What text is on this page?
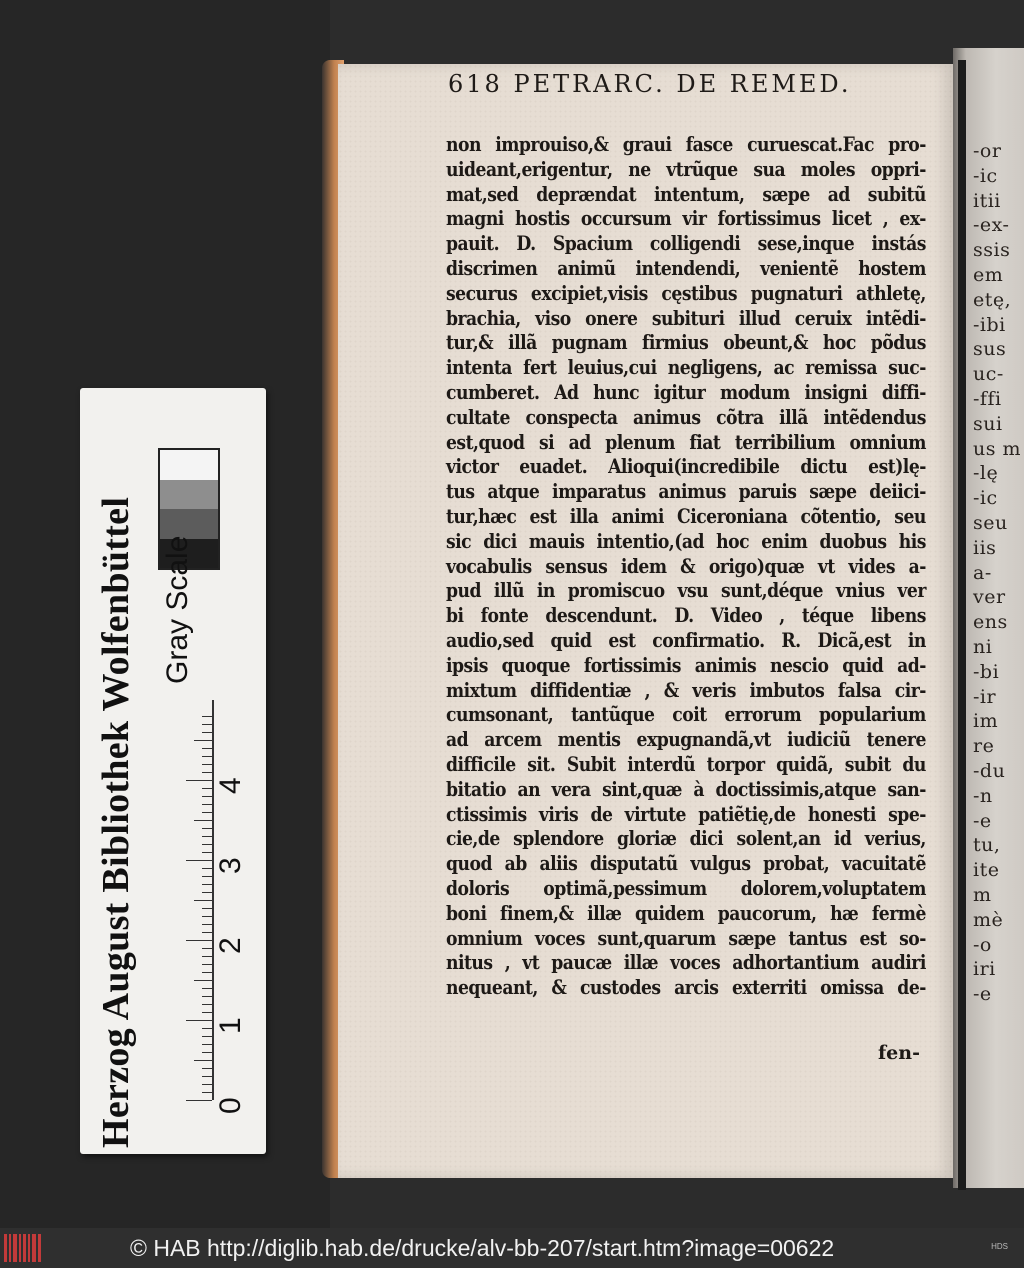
618 PETRARC. DE REMED.
non improuiso,& graui fasce curuescat.Fac pro-
uideant,erigentur, ne vtrũque sua moles oppri-
mat,sed deprændat intentum, sæpe ad subitũ
magni hostis occursum vir fortissimus licet , ex-
pauit. D. Spacium colligendi sese,inque instás
discrimen animũ intendendi, venientẽ hostem
securus excipiet,visis cęstibus pugnaturi athletę,
brachia, viso onere subituri illud ceruix intẽdi-
tur,& illã pugnam firmius obeunt,& hoc põdus
intenta fert leuius,cui negligens, ac remissa suc-
cumberet. Ad hunc igitur modum insigni diffi-
cultate conspecta animus cõtra illã intẽdendus
est,quod si ad plenum fiat terribilium omnium
victor euadet. Alioqui(incredibile dictu est)lę-
tus atque imparatus animus paruis sæpe deiici-
tur,hæc est illa animi Ciceroniana cõtentio, seu
sic dici mauis intentio,(ad hoc enim duobus his
vocabulis sensus idem & origo)quæ vt vides a-
pud illũ in promiscuo vsu sunt,déque vnius ver
bi fonte descendunt. D. Video , téque libens
audio,sed quid est confirmatio. R. Dicã,est in
ipsis quoque fortissimis animis nescio quid ad-
mixtum diffidentiæ , & veris imbutos falsa cir-
cumsonant, tantũque coit errorum popularium
ad arcem mentis expugnandã,vt iudiciũ tenere
difficile sit. Subit interdũ torpor quidã, subit du
bitatio an vera sint,quæ à doctissimis,atque san-
ctissimis viris de virtute patiẽtię,de honesti spe-
cie,de splendore gloriæ dici solent,an id verius,
quod ab aliis disputatũ vulgus probat, vacuitatẽ
doloris optimã,pessimum dolorem,voluptatem
boni finem,& illæ quidem paucorum, hæ fermè
omnium voces sunt,quarum sæpe tantus est so-
nitus , vt paucæ illæ voces adhortantium audiri
nequeant, & custodes arcis exterriti omissa de-
fen-
-or
-ic
itii
-ex-
ssis
em
etę,
-ibi
sus
uc-
-ffi
sui
us m
-lę
-ic
seu
iis
a-
ver
ens
ni
-bi
-ir
im
re
-du
-n
-e
tu,
ite
m
mè
-o
iri
-e
Herzog August Bibliothek Wolfenbüttel Gray Scale
0
1
2
3
4
© HAB http://diglib.hab.de/drucke/alv-bb-207/start.htm?image=00622	HDS
